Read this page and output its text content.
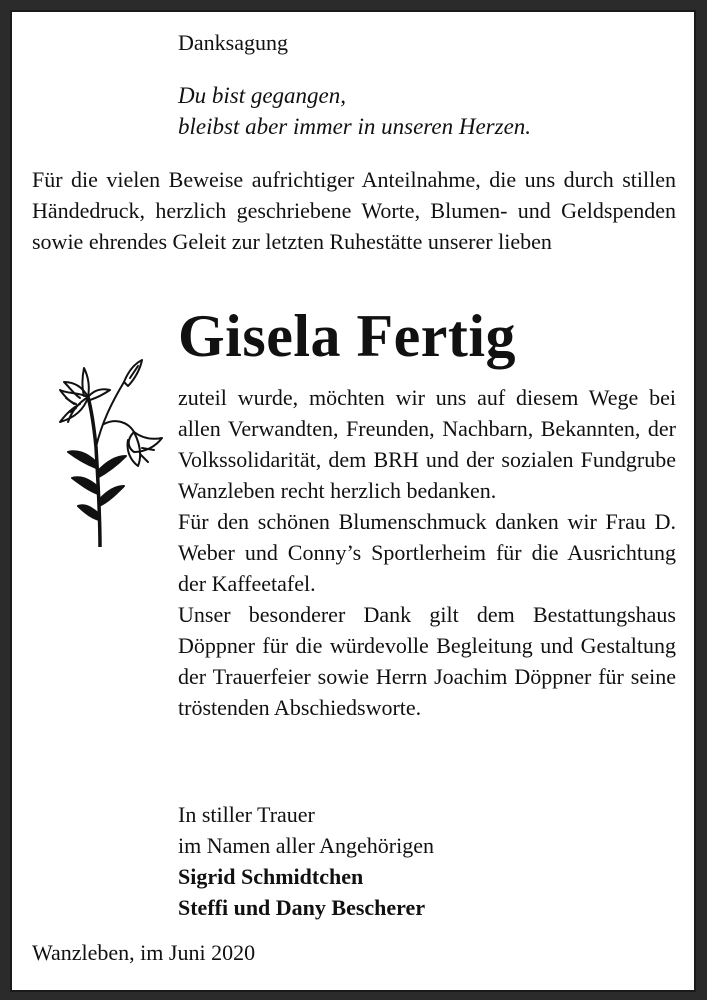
Danksagung
Du bist gegangen,
bleibst aber immer in unseren Herzen.
Für die vielen Beweise aufrichtiger Anteilnahme, die uns durch stillen Händedruck, herzlich geschriebene Worte, Blumen- und Geldspenden sowie ehrendes Geleit zur letzten Ruhestätte unserer lieben
Gisela Fertig

zuteil wurde, möchten wir uns auf diesem Wege bei allen Verwandten, Freunden, Nachbarn, Bekannten, der Volkssolidarität, dem BRH und der sozialen Fundgrube Wanzleben recht herzlich bedanken.

Für den schönen Blumenschmuck danken wir Frau D. Weber und Conny’s Sportlerheim für die Ausrichtung der Kaffeetafel.

Unser besonderer Dank gilt dem Bestattungshaus Döppner für die würdevolle Begleitung und Gestaltung der Trauerfeier sowie Herrn Joachim Döppner für seine tröstenden Abschiedsworte.

In stiller Trauer
im Namen aller Angehörigen
Sigrid Schmidtchen
Steffi und Dany Bescherer
Wanzleben, im Juni 2020
